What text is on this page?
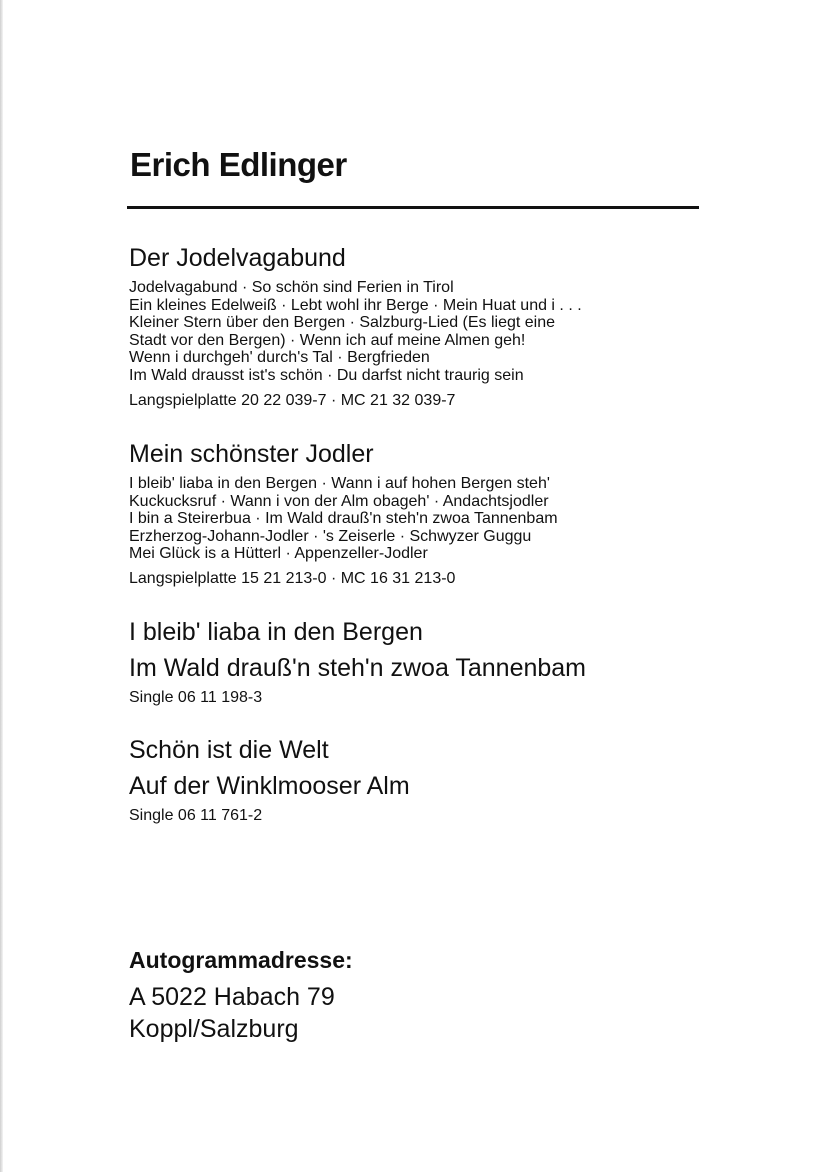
Erich Edlinger
Der Jodelvagabund
Jodelvagabund · So schön sind Ferien in Tirol
Ein kleines Edelweiß · Lebt wohl ihr Berge · Mein Huat und i . . .
Kleiner Stern über den Bergen · Salzburg-Lied (Es liegt eine
Stadt vor den Bergen) · Wenn ich auf meine Almen geh!
Wenn i durchgeh' durch's Tal · Bergfrieden
Im Wald drausst ist's schön · Du darfst nicht traurig sein
Langspielplatte 20 22 039-7 · MC 21 32 039-7
Mein schönster Jodler
I bleib' liaba in den Bergen · Wann i auf hohen Bergen steh'
Kuckucksruf · Wann i von der Alm obageh' · Andachtsjodler
I bin a Steirerbua · Im Wald drauß'n steh'n zwoa Tannenbam
Erzherzog-Johann-Jodler · 's Zeiserle · Schwyzer Guggu
Mei Glück is a Hütterl · Appenzeller-Jodler
Langspielplatte 15 21 213-0 · MC 16 31 213-0
I bleib' liaba in den Bergen
Im Wald drauß'n steh'n zwoa Tannenbam
Single 06 11 198-3
Schön ist die Welt
Auf der Winklmooser Alm
Single 06 11 761-2
Autogrammadresse:
A 5022 Habach 79
Koppl/Salzburg
